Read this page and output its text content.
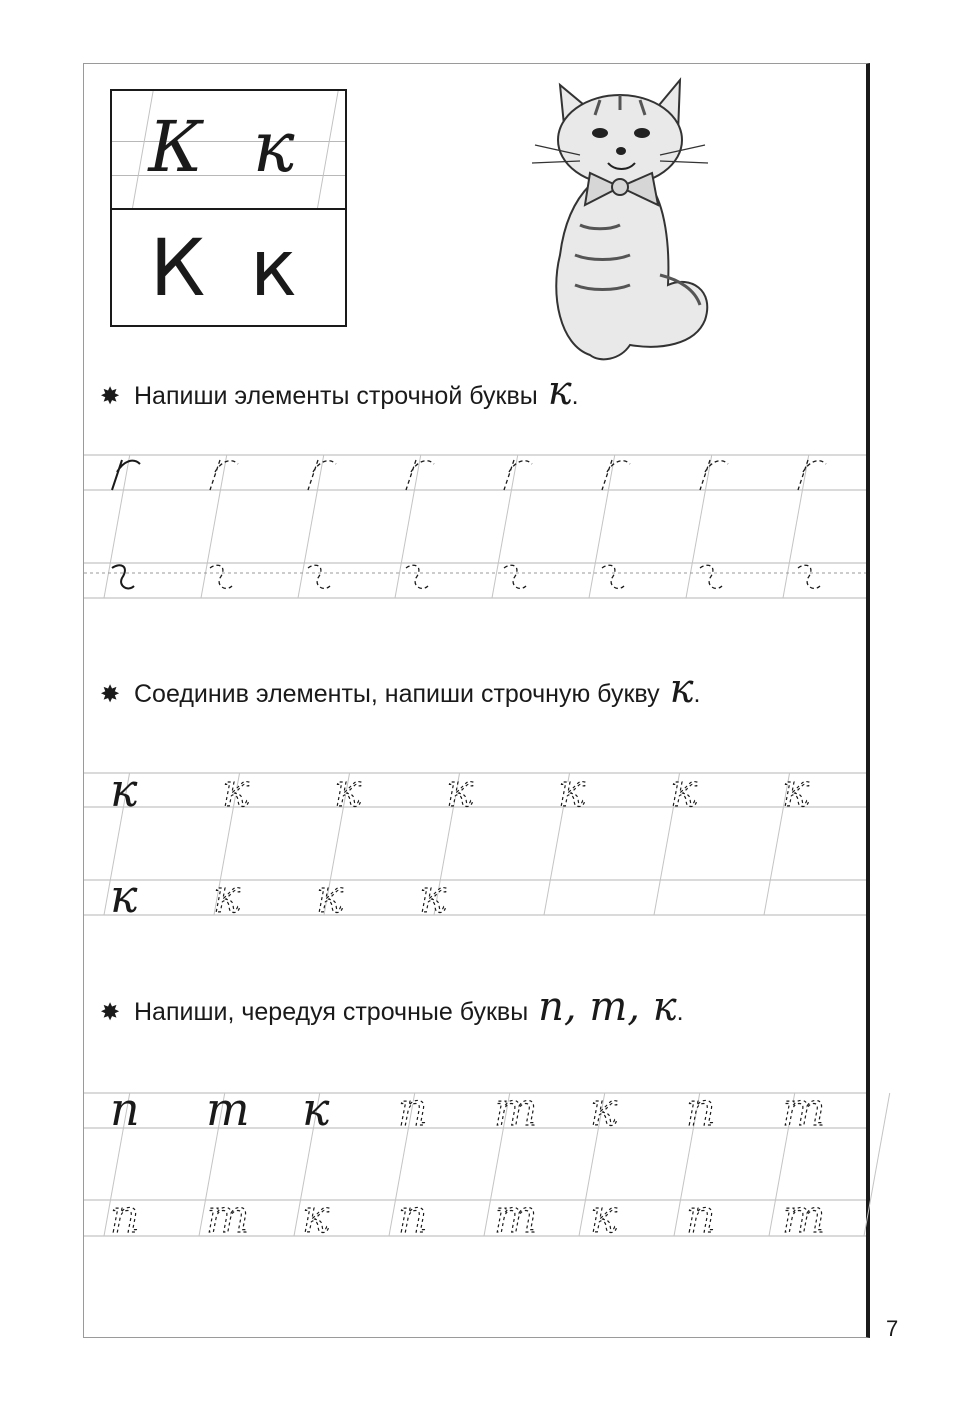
К к
К к
✸ Напиши элементы строчной буквы к .
✸ Соединив элементы, напиши строчную букву к .
✸ Напиши, чередуя строчные буквы п, т, к .
к к к к к к к
к к к к
п т к п т к п т
п т к п т к п т
7
